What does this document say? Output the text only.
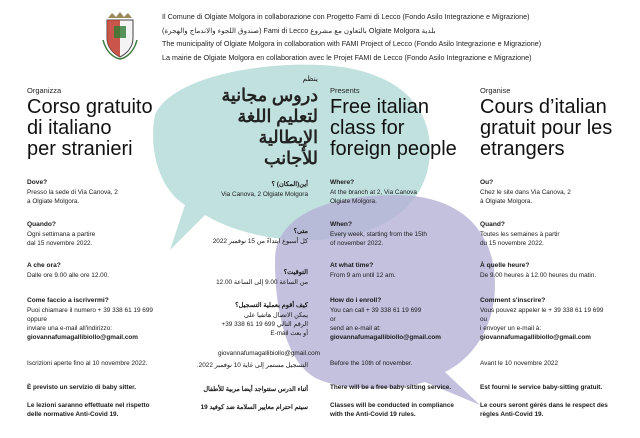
Il Comune di Olgiate Molgora in collaborazione con Progetto Fami di Lecco (Fondo Asilo Integrazione e Migrazione)
بلدية Olgiate Molgora بالتعاون مع مشروع Fami di Lecco (صندوق اللجوء والاندماج والهجرة)
The municipality of Olgiate Molgora in collaboration with FAMI Project of Lecco (Fondo Asilo Integrazione e Migrazione)
La mairie de Olgiate Molgora en collaboration avec le Projet FAMI de Lecco (Fondo Asilo Integrazione e Migrazione)
Organizza
Corso gratuito
di italiano
per stranieri
ينظم
دروس مجانية
لتعليم اللغة
الإيطالية للأجانب
Presents
Free italian
class for
foreign people
Organise
Cours d’italian
gratuit pour les
etrangers
Dove?
Presso la sede di Via Canova, 2
a Olgiate Molgora.
Quando?
Ogni settimana a partire
dal 15 novembre 2022.
A che ora?
Dalle ore 9.00 alle ore 12.00.
Come faccio a iscrivermi?
Puoi chiamare il numero + 39 338 61 19 699
oppure
inviare una e-mail all'indirizzo:
giovannafumagallibiollo@gmail.com
Iscrizioni aperte fino al 10 novembre 2022.
È previsto un servizio di baby sitter.
Le lezioni saranno effettuate nel rispetto
delle normative Anti-Covid 19.
أين(المكان) ؟
Via Canova, 2 Olgiate Molgora
متى؟
كل أسبوع ابتداءً من 15 نوفمبر 2022
التوقيت؟
من الساعة 9.00 إلى الساعة 12.00
كيف أقوم بعملية التسجيل؟
يمكن الاتصال هاتفيا على
الرقم التالي 699 19 61 338 39+
أو بعث E-mail
giovannafumagallibiollo@gmail.com
التسجيل مستمر إلى غاية 10 نوفمبر 2022.
أثناء الدرس ستتواجد أيضا مربية للأطفال
سيتم احترام معايير السلامة ضد كوفيد 19
Where?
At the branch at 2, Via Canova
Olgiate Molgora.
When?
Every week, starting from the 15th
of november 2022.
At what time?
From 9 am until 12 am.
How do i enroll?
You can call + 39 338 61 19 699
or
send an e-mail at:
giovannafumagallibiollo@gmail.com
Before the 10th of november.
There will be a free baby-sitting service.
Classes will be conducted in compliance
with the Anti-Covid 19 rules.
Ou?
Chez le site dans Via Canova, 2
à Olgiate Molgora.
Quand?
Toutes les semaines à partir
du 15 novembre 2022.
À quelle heure?
De 9.00 heures à 12.00 heures du matin.
Comment s'inscrire?
Vous pouvez appeler le + 39 338 61 19 699
ou
i envoyer un e-mail à:
giovannafumagallibiollo@gmail.com
Avant le 10 novembre 2022
Est fourni le service baby-sitting gratuit.
Le cours seront gérés dans le respect des
règles Anti-Covid 19.
